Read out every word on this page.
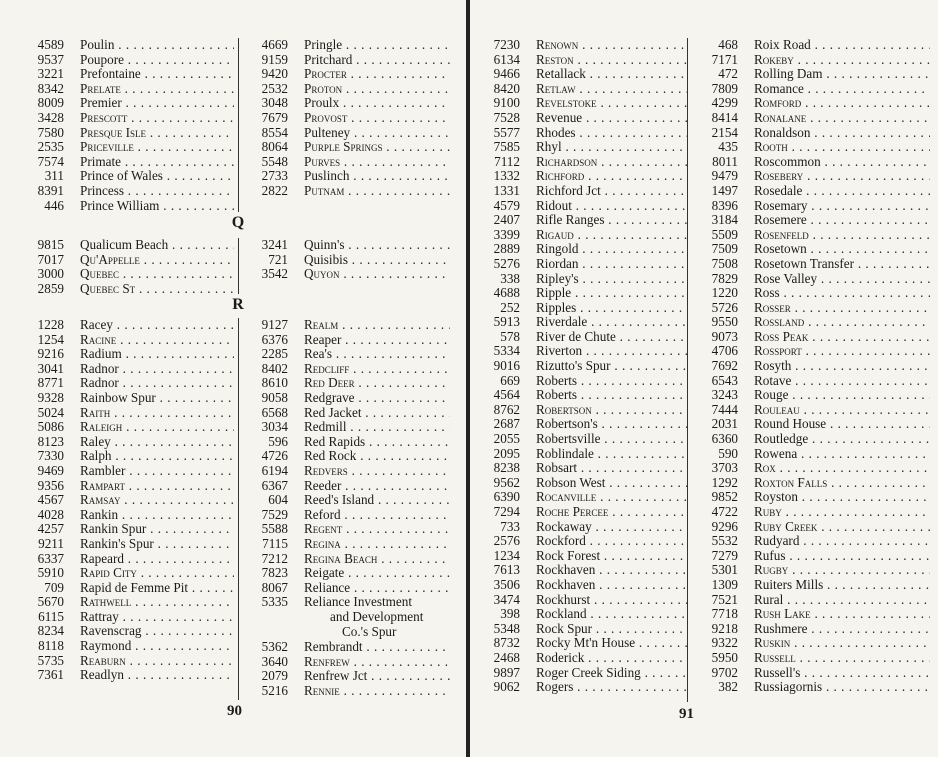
4589 Poulin . . .
9537 Poupore . . .
3221 Prefontaine . . .
8342 Prelate . . .
8009 Premier . . .
3428 Prescott . . .
7580 Presque Isle . . .
2535 Priceville . . .
7574 Primate . . .
311 Prince of Wales . . .
8391 Princess . . .
446 Prince William . . .
4669 Pringle . . .
9159 Pritchard . . .
9420 Procter . . .
2532 Proton . . .
3048 Proulx . . .
7679 Provost . . .
8554 Pulteney . . .
8064 Purple Springs . . .
5548 Purves . . .
2733 Puslinch . . .
2822 Putnam . . .
Q
9815 Qualicum Beach . . .
7017 Qu'Appelle . . .
3000 Quebec . . .
2859 Quebec St . . .
3241 Quinn's . . .
721 Quisibis . . .
3542 Quyon . . .
R
1228 Racey . . .
1254 Racine . . .
9216 Radium . . .
3041 Radnor . . .
8771 Radnor . . .
9328 Rainbow Spur . . .
5024 Raith . . .
5086 Raleigh . . .
8123 Raley . . .
7330 Ralph . . .
9469 Rambler . . .
9356 Rampart . . .
4567 Ramsay . . .
4028 Rankin . . .
4257 Rankin Spur . . .
9211 Rankin's Spur . . .
6337 Rapeard . . .
5910 Rapid City . . .
709 Rapid de Femme Pit . . .
5670 Rathwell . . .
6115 Rattray . . .
8234 Ravenscrag . . .
8118 Raymond . . .
5735 Reaburn . . .
7361 Readlyn . . .
9127 Realm . . .
6376 Reaper . . .
2285 Rea's . . .
8402 Redcliff . . .
8610 Red Deer . . .
9058 Redgrave . . .
6568 Red Jacket . . .
3034 Redmill . . .
596 Red Rapids . . .
4726 Red Rock . . .
6194 Redvers . . .
6367 Reeder . . .
604 Reed's Island . . .
7529 Reford . . .
5588 Regent . . .
7115 Regina . . .
7212 Regina Beach . . .
7823 Reigate . . .
8067 Reliance . . .
5335 Reliance Investment
and Development
Co.'s Spur
5362 Rembrandt . . .
3640 Renfrew . . .
2079 Renfrew Jct . . .
5216 Rennie . . .
90
7230 Renown . . .
6134 Reston . . .
9466 Retallack . . .
8420 Retlaw . . .
9100 Revelstoke . . .
7528 Revenue . . .
5577 Rhodes . . .
7585 Rhyl . . .
7112 Richardson . . .
1332 Richford . . .
1331 Richford Jct . . .
4579 Ridout . . .
2407 Rifle Ranges . . .
3399 Rigaud . . .
2889 Ringold . . .
5276 Riordan . . .
338 Ripley's . . .
4688 Ripple . . .
252 Ripples . . .
5913 Riverdale . . .
578 River de Chute . . .
5334 Riverton . . .
9016 Rizutto's Spur . . .
669 Roberts . . .
4564 Roberts . . .
8762 Robertson . . .
2687 Robertson's . . .
2055 Robertsville . . .
2095 Roblindale . . .
8238 Robsart . . .
9562 Robson West . . .
6390 Rocanville . . .
7294 Roche Percee . . .
733 Rockaway . . .
2576 Rockford . . .
1234 Rock Forest . . .
7613 Rockhaven . . .
3506 Rockhaven . . .
3474 Rockhurst . . .
398 Rockland . . .
5348 Rock Spur . . .
8732 Rocky Mt'n House . . .
2468 Roderick . . .
9897 Roger Creek Siding . . .
9062 Rogers . . .
468 Roix Road . . .
7171 Rokeby . . .
472 Rolling Dam . . .
7809 Romance . . .
4299 Romford . . .
8414 Ronalane . . .
2154 Ronaldson . . .
435 Rooth . . .
8011 Roscommon . . .
9479 Rosebery . . .
1497 Rosedale . . .
8396 Rosemary . . .
3184 Rosemere . . .
5509 Rosenfeld . . .
7509 Rosetown . . .
7508 Rosetown Transfer . . .
7829 Rose Valley . . .
1220 Ross . . .
5726 Rosser . . .
9550 Rossland . . .
9073 Ross Peak . . .
4706 Rossport . . .
7692 Rosyth . . .
6543 Rotave . . .
3243 Rouge . . .
7444 Rouleau . . .
2031 Round House . . .
6360 Routledge . . .
590 Rowena . . .
3703 Rox . . .
1292 Roxton Falls . . .
9852 Royston . . .
4722 Ruby . . .
9296 Ruby Creek . . .
5532 Rudyard . . .
7279 Rufus . . .
5301 Rugby . . .
1309 Ruiters Mills . . .
7521 Rural . . .
7718 Rush Lake . . .
9218 Rushmere . . .
9322 Ruskin . . .
5950 Russell . . .
9702 Russell's . . .
382 Russiagornis . . .
91
